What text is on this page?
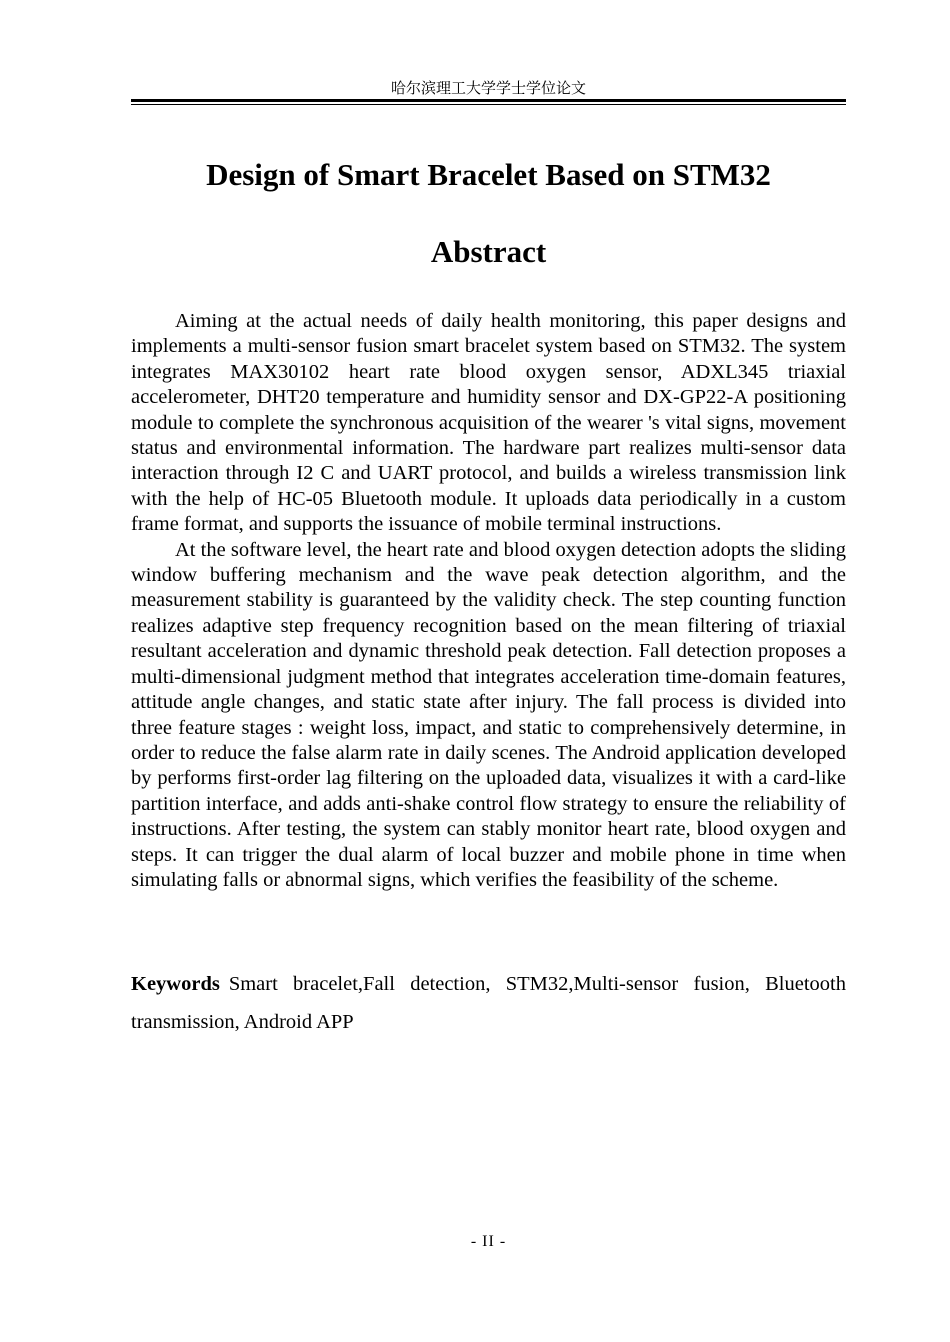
哈尔滨理工大学学士学位论文
Design of Smart Bracelet Based on STM32
Abstract

Aiming at the actual needs of daily health monitoring, this paper designs and implements a multi-sensor fusion smart bracelet system based on STM32. The system integrates MAX30102 heart rate blood oxygen sensor, ADXL345 triaxial accelerometer, DHT20 temperature and humidity sensor and DX-GP22-A positioning module to complete the synchronous acquisition of the wearer 's vital signs, movement status and environmental information. The hardware part realizes multi-sensor data interaction through I2 C and UART protocol, and builds a wireless transmission link with the help of HC-05 Bluetooth module. It uploads data periodically in a custom frame format, and supports the issuance of mobile terminal instructions.

At the software level, the heart rate and blood oxygen detection adopts the sliding window buffering mechanism and the wave peak detection algorithm, and the measurement stability is guaranteed by the validity check. The step counting function realizes adaptive step frequency recognition based on the mean filtering of triaxial resultant acceleration and dynamic threshold peak detection. Fall detection proposes a multi-dimensional judgment method that integrates acceleration time-domain features, attitude angle changes, and static state after injury. The fall process is divided into three feature stages : weight loss, impact, and static to comprehensively determine, in order to reduce the false alarm rate in daily scenes. The Android application developed by performs first-order lag filtering on the uploaded data, visualizes it with a card-like partition interface, and adds anti-shake control flow strategy to ensure the reliability of instructions. After testing, the system can stably monitor heart rate, blood oxygen and steps. It can trigger the dual alarm of local buzzer and mobile phone in time when simulating falls or abnormal signs, which verifies the feasibility of the scheme.

Keywords Smart bracelet,Fall detection, STM32,Multi-sensor fusion, Bluetooth transmission, Android APP
- II -
